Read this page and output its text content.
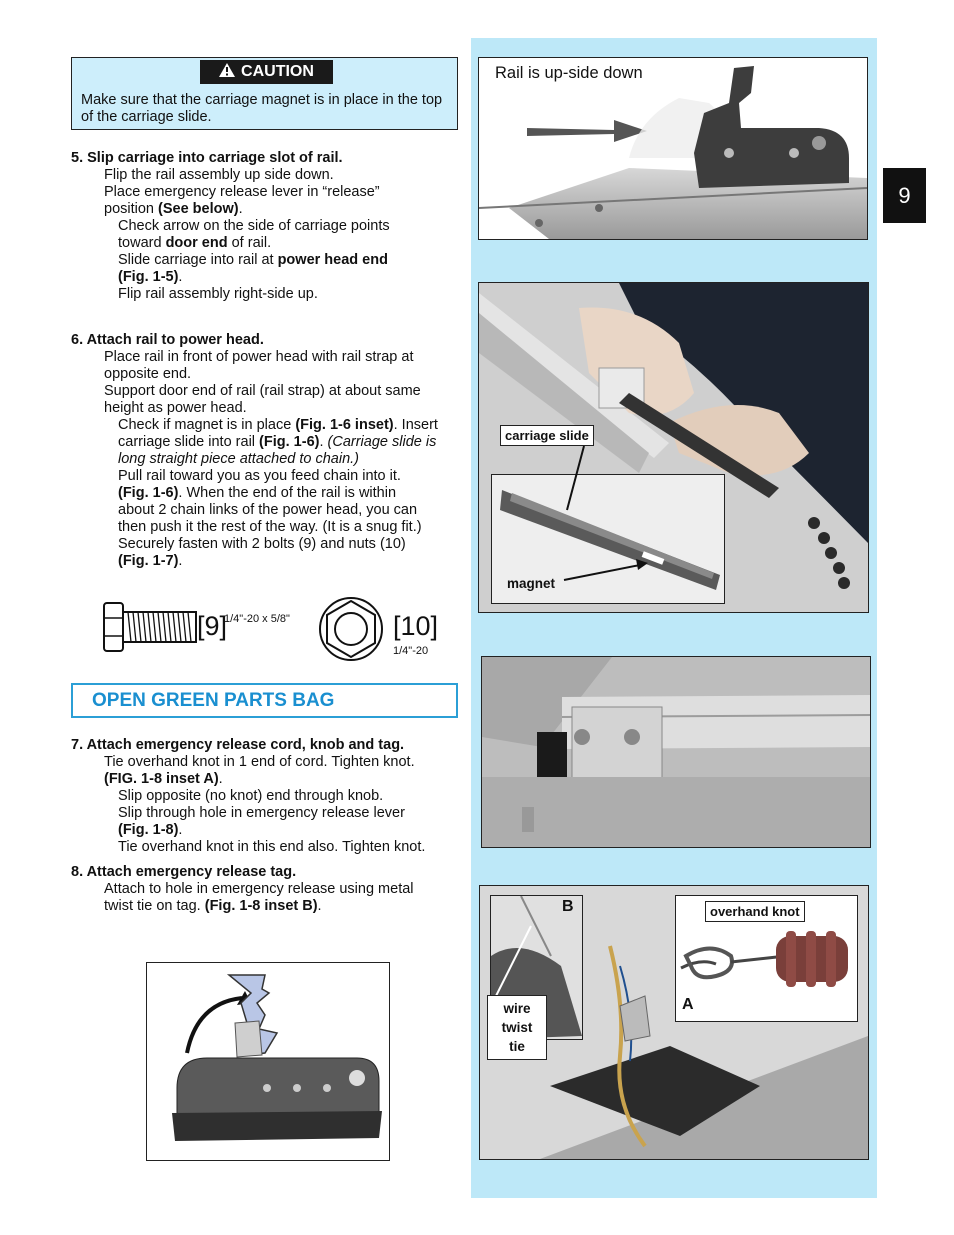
9
CAUTION
Make sure that the carriage magnet is in place in the top of the carriage slide.
5. Slip carriage into carriage slot of rail.
Flip the rail assembly up side down.
Place emergency release lever in “release”
position (See below).
Check arrow on the side of carriage points
toward door end of rail.
Slide carriage into rail at power head end
(Fig. 1-5).
Flip rail assembly right-side up.
6. Attach rail to power head.
Place rail in front of power head with rail strap at
opposite end.
Support door end of rail (rail strap) at about same
height as power head.
Check if magnet is in place (Fig. 1-6 inset). Insert
carriage slide into rail (Fig. 1-6). (Carriage slide is
long straight piece attached to chain.)
Pull rail toward you as you feed chain into it.
(Fig. 1-6). When the end of the rail is within
about 2 chain links of the power head, you can
then push it the rest of the way. (It is a snug fit.)
Securely fasten with 2 bolts (9) and nuts (10)
(Fig. 1-7).
[9]
1/4"-20 x 5/8"	[10]
1/4"-20
OPEN GREEN PARTS BAG
7. Attach emergency release cord, knob and tag.
Tie overhand knot in 1 end of cord. Tighten knot.
(FIG. 1-8 inset A).
Slip opposite (no knot) end through knob.
Slip through hole in emergency release lever
(Fig. 1-8).
Tie overhand knot in this end also. Tighten knot.
8. Attach emergency release tag.
Attach to hole in emergency release using metal
twist tie on tag. (Fig. 1-8 inset B).
Rail is up-side down
carriage slide
magnet
B
wire
twist
tie
overhand knot
A
